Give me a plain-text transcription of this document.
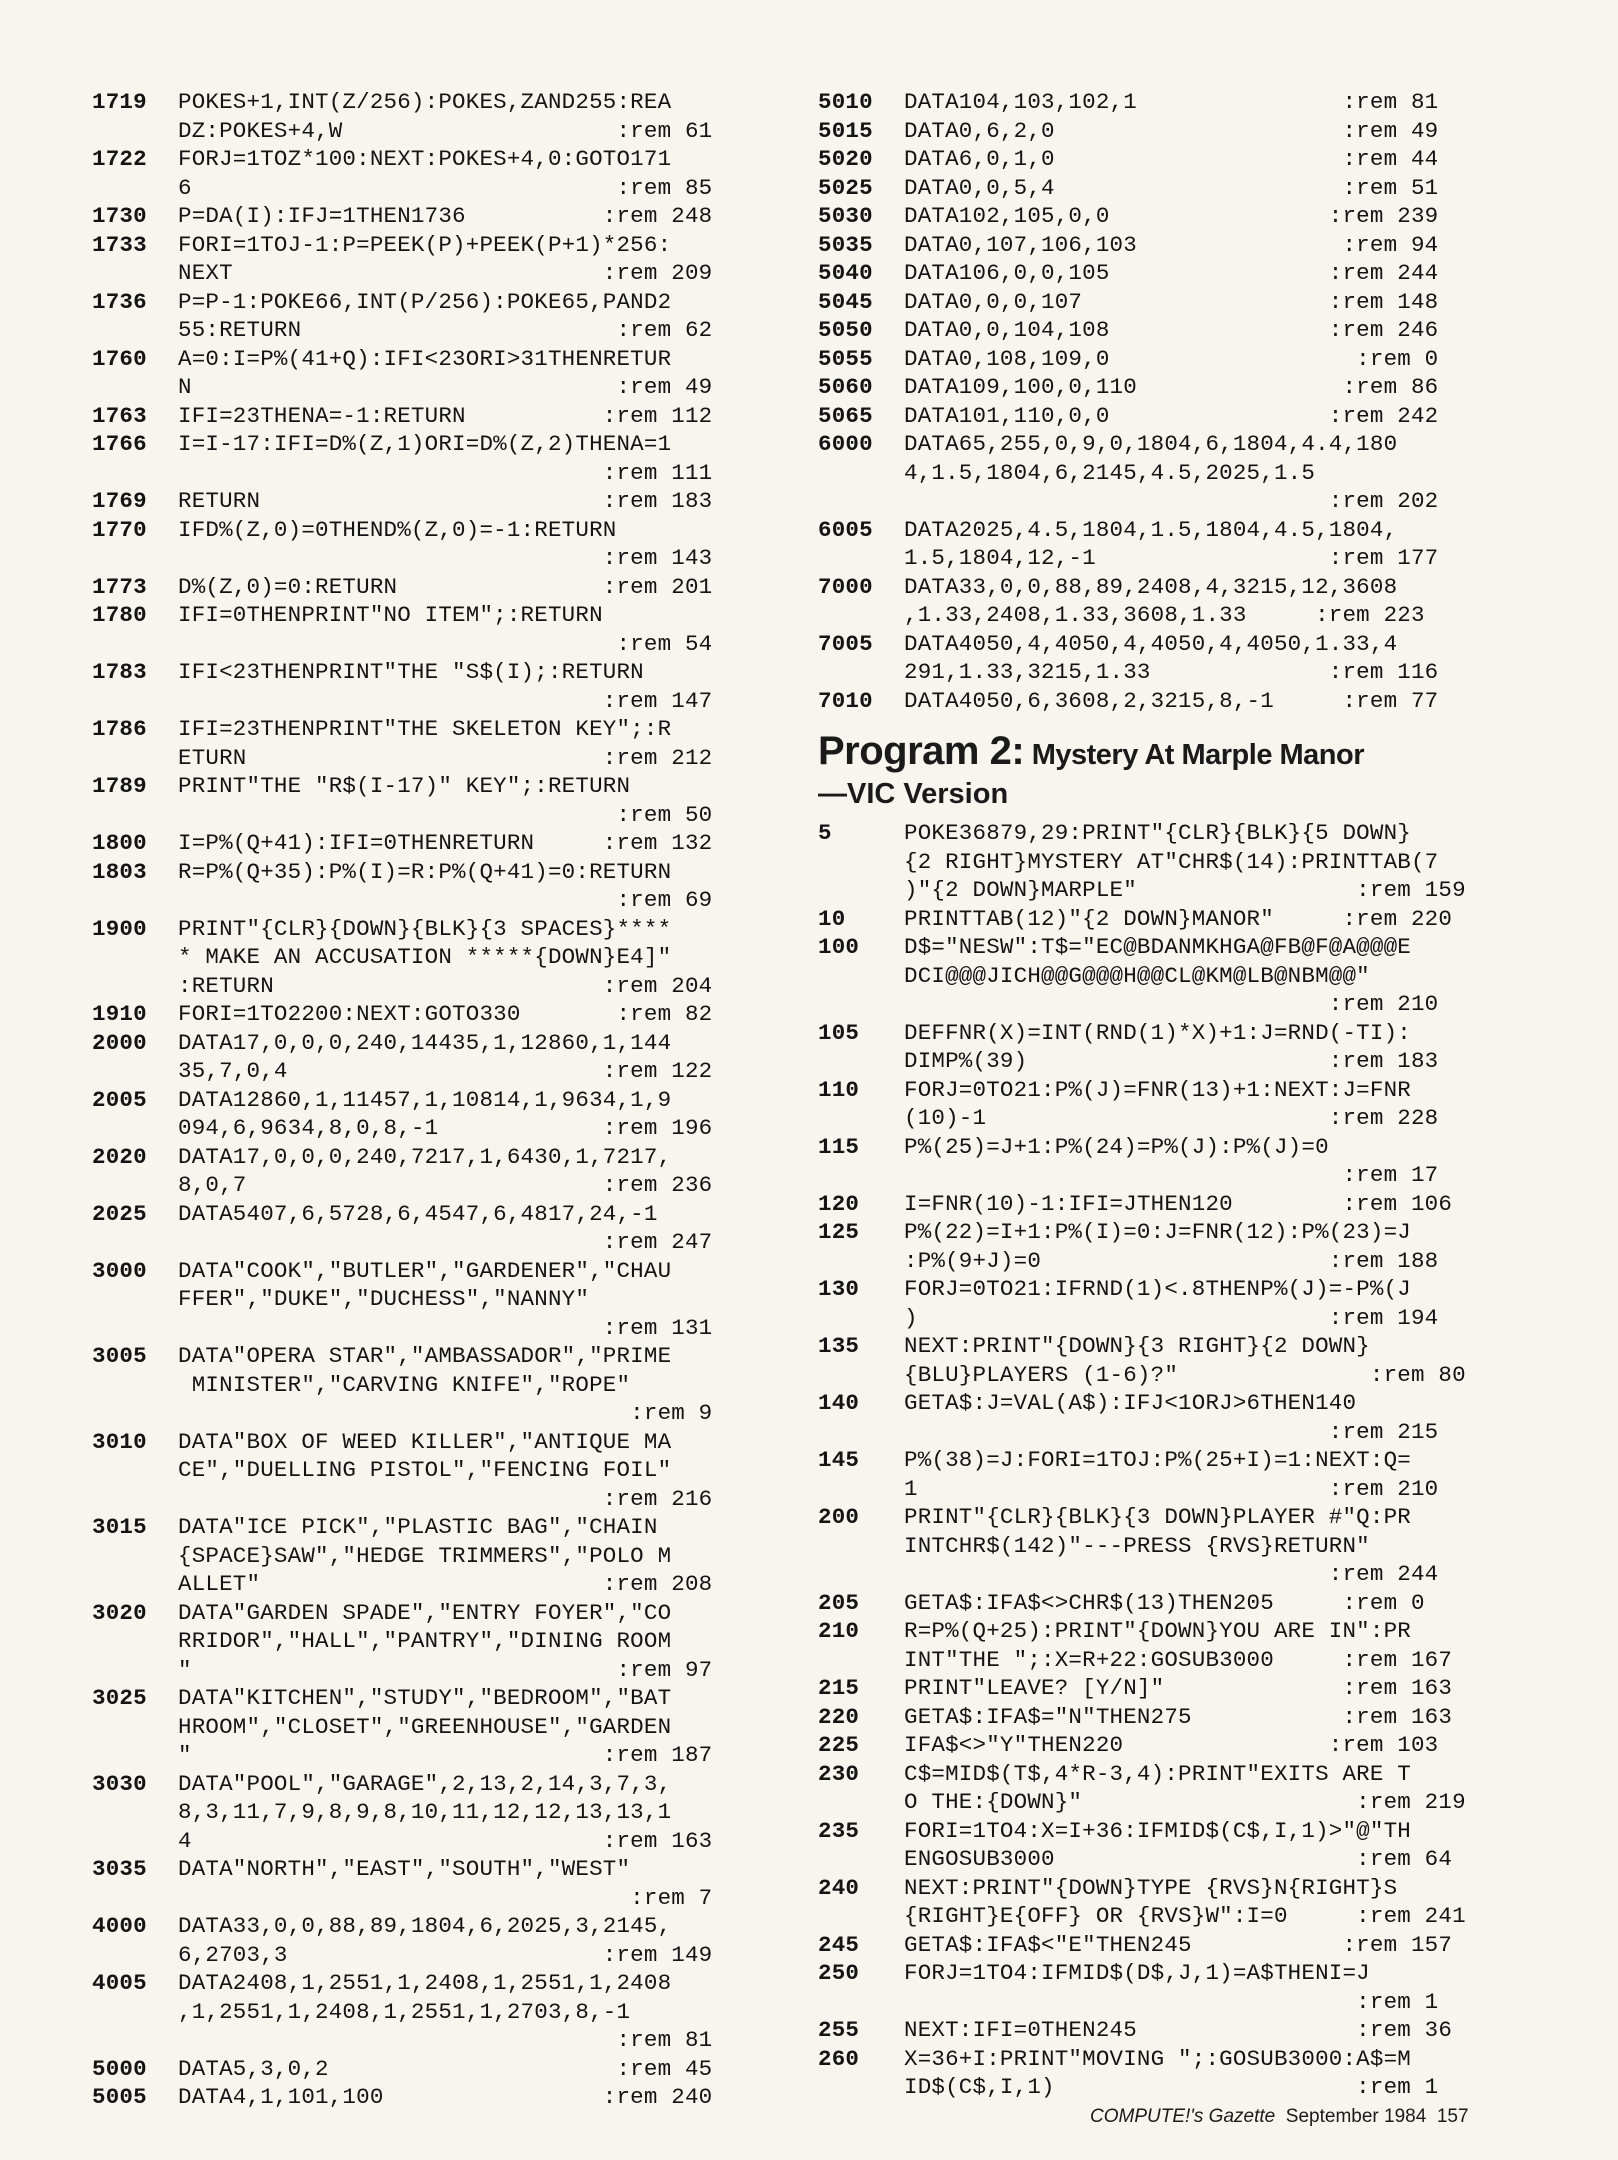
1719	POKES+1,INT(Z/256):POKES,ZAND255:REA
DZ:POKES+4,W                    :rem 61
1722	FORJ=1TOZ*100:NEXT:POKES+4,0:GOTO171
6                               :rem 85
1730	P=DA(I):IFJ=1THEN1736          :rem 248
1733	FORI=1TOJ-1:P=PEEK(P)+PEEK(P+1)*256:
NEXT                           :rem 209
1736	P=P-1:POKE66,INT(P/256):POKE65,PAND2
55:RETURN                       :rem 62
1760	A=0:I=P%(41+Q):IFI<23ORI>31THENRETUR
N                               :rem 49
1763	IFI=23THENA=-1:RETURN          :rem 112
1766	I=I-17:IFI=D%(Z,1)ORI=D%(Z,2)THENA=1
:rem 111
1769	RETURN                         :rem 183
1770	IFD%(Z,0)=0THEND%(Z,0)=-1:RETURN
:rem 143
1773	D%(Z,0)=0:RETURN               :rem 201
1780	IFI=0THENPRINT"NO ITEM";:RETURN
:rem 54
1783	IFI<23THENPRINT"THE "S$(I);:RETURN
:rem 147
1786	IFI=23THENPRINT"THE SKELETON KEY";:R
ETURN                          :rem 212
1789	PRINT"THE "R$(I-17)" KEY";:RETURN
:rem 50
1800	I=P%(Q+41):IFI=0THENRETURN     :rem 132
1803	R=P%(Q+35):P%(I)=R:P%(Q+41)=0:RETURN
:rem 69
1900	PRINT"{CLR}{DOWN}{BLK}{3 SPACES}****
* MAKE AN ACCUSATION *****{DOWN}E4]"
:RETURN                        :rem 204
1910	FORI=1TO2200:NEXT:GOTO330       :rem 82
2000	DATA17,0,0,0,240,14435,1,12860,1,144
35,7,0,4                       :rem 122
2005	DATA12860,1,11457,1,10814,1,9634,1,9
094,6,9634,8,0,8,-1            :rem 196
2020	DATA17,0,0,0,240,7217,1,6430,1,7217,
8,0,7                          :rem 236
2025	DATA5407,6,5728,6,4547,6,4817,24,-1
:rem 247
3000	DATA"COOK","BUTLER","GARDENER","CHAU
FFER","DUKE","DUCHESS","NANNY"
:rem 131
3005	DATA"OPERA STAR","AMBASSADOR","PRIME
MINISTER","CARVING KNIFE","ROPE"
:rem 9
3010	DATA"BOX OF WEED KILLER","ANTIQUE MA
CE","DUELLING PISTOL","FENCING FOIL"
:rem 216
3015	DATA"ICE PICK","PLASTIC BAG","CHAIN
{SPACE}SAW","HEDGE TRIMMERS","POLO M
ALLET"                         :rem 208
3020	DATA"GARDEN SPADE","ENTRY FOYER","CO
RRIDOR","HALL","PANTRY","DINING ROOM
"                               :rem 97
3025	DATA"KITCHEN","STUDY","BEDROOM","BAT
HROOM","CLOSET","GREENHOUSE","GARDEN
"                              :rem 187
3030	DATA"POOL","GARAGE",2,13,2,14,3,7,3,
8,3,11,7,9,8,9,8,10,11,12,12,13,13,1
4                              :rem 163
3035	DATA"NORTH","EAST","SOUTH","WEST"
:rem 7
4000	DATA33,0,0,88,89,1804,6,2025,3,2145,
6,2703,3                       :rem 149
4005	DATA2408,1,2551,1,2408,1,2551,1,2408
,1,2551,1,2408,1,2551,1,2703,8,-1
:rem 81
5000	DATA5,3,0,2                     :rem 45
5005	DATA4,1,101,100                :rem 240
5010	DATA104,103,102,1               :rem 81
5015	DATA0,6,2,0                     :rem 49
5020	DATA6,0,1,0                     :rem 44
5025	DATA0,0,5,4                     :rem 51
5030	DATA102,105,0,0                :rem 239
5035	DATA0,107,106,103               :rem 94
5040	DATA106,0,0,105                :rem 244
5045	DATA0,0,0,107                  :rem 148
5050	DATA0,0,104,108                :rem 246
5055	DATA0,108,109,0                  :rem 0
5060	DATA109,100,0,110               :rem 86
5065	DATA101,110,0,0                :rem 242
6000	DATA65,255,0,9,0,1804,6,1804,4.4,180
4,1.5,1804,6,2145,4.5,2025,1.5
:rem 202
6005	DATA2025,4.5,1804,1.5,1804,4.5,1804,
1.5,1804,12,-1                 :rem 177
7000	DATA33,0,0,88,89,2408,4,3215,12,3608
,1.33,2408,1.33,3608,1.33     :rem 223
7005	DATA4050,4,4050,4,4050,4,4050,1.33,4
291,1.33,3215,1.33             :rem 116
7010	DATA4050,6,3608,2,3215,8,-1     :rem 77
Program 2: Mystery At Marple Manor
—VIC Version
5	POKE36879,29:PRINT"{CLR}{BLK}{5 DOWN}
{2 RIGHT}MYSTERY AT"CHR$(14):PRINTTAB(7
)"{2 DOWN}MARPLE"                :rem 159
10	PRINTTAB(12)"{2 DOWN}MANOR"     :rem 220
100	D$="NESW":T$="EC@BDANMKHGA@FB@F@A@@@E
DCI@@@JICH@@G@@@H@@CL@KM@LB@NBM@@"
:rem 210
105	DEFFNR(X)=INT(RND(1)*X)+1:J=RND(-TI):
DIMP%(39)                      :rem 183
110	FORJ=0TO21:P%(J)=FNR(13)+1:NEXT:J=FNR
(10)-1                         :rem 228
115	P%(25)=J+1:P%(24)=P%(J):P%(J)=0
:rem 17
120	I=FNR(10)-1:IFI=JTHEN120        :rem 106
125	P%(22)=I+1:P%(I)=0:J=FNR(12):P%(23)=J
:P%(9+J)=0                     :rem 188
130	FORJ=0TO21:IFRND(1)<.8THENP%(J)=-P%(J
)                              :rem 194
135	NEXT:PRINT"{DOWN}{3 RIGHT}{2 DOWN}
{BLU}PLAYERS (1-6)?"              :rem 80
140	GETA$:J=VAL(A$):IFJ<1ORJ>6THEN140
:rem 215
145	P%(38)=J:FORI=1TOJ:P%(25+I)=1:NEXT:Q=
1                              :rem 210
200	PRINT"{CLR}{BLK}{3 DOWN}PLAYER #"Q:PR
INTCHR$(142)"---PRESS {RVS}RETURN"
:rem 244
205	GETA$:IFA$<>CHR$(13)THEN205     :rem 0
210	R=P%(Q+25):PRINT"{DOWN}YOU ARE IN":PR
INT"THE ";:X=R+22:GOSUB3000     :rem 167
215	PRINT"LEAVE? [Y/N]"             :rem 163
220	GETA$:IFA$="N"THEN275           :rem 163
225	IFA$<>"Y"THEN220               :rem 103
230	C$=MID$(T$,4*R-3,4):PRINT"EXITS ARE T
O THE:{DOWN}"                    :rem 219
235	FORI=1TO4:X=I+36:IFMID$(C$,I,1)>"@"TH
ENGOSUB3000                      :rem 64
240	NEXT:PRINT"{DOWN}TYPE {RVS}N{RIGHT}S
{RIGHT}E{OFF} OR {RVS}W":I=0     :rem 241
245	GETA$:IFA$<"E"THEN245           :rem 157
250	FORJ=1TO4:IFMID$(D$,J,1)=A$THENI=J
:rem 1
255	NEXT:IFI=0THEN245                :rem 36
260	X=36+I:PRINT"MOVING ";:GOSUB3000:A$=M
ID$(C$,I,1)                      :rem 1
COMPUTE!'s Gazette September 1984 157
